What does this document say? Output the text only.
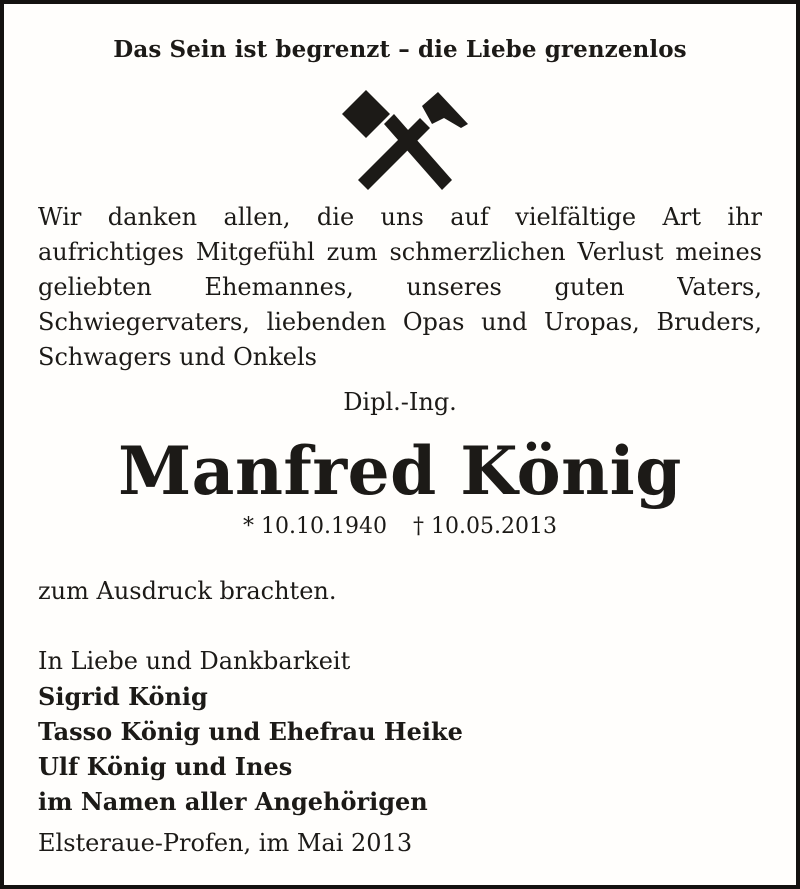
Das Sein ist begrenzt – die Liebe grenzenlos
Wir danken allen, die uns auf vielfältige Art ihr aufrichtiges Mitgefühl zum schmerzlichen Verlust meines geliebten Ehemannes, unseres guten Vaters, Schwiegervaters, liebenden Opas und Uropas, Bruders, Schwagers und Onkels
Dipl.-Ing.
Manfred König
* 10.10.1940 † 10.05.2013
zum Ausdruck brachten.
In Liebe und Dankbarkeit
Sigrid König
Tasso König und Ehefrau Heike
Ulf König und Ines
im Namen aller Angehörigen
Elsteraue-Profen, im Mai 2013
